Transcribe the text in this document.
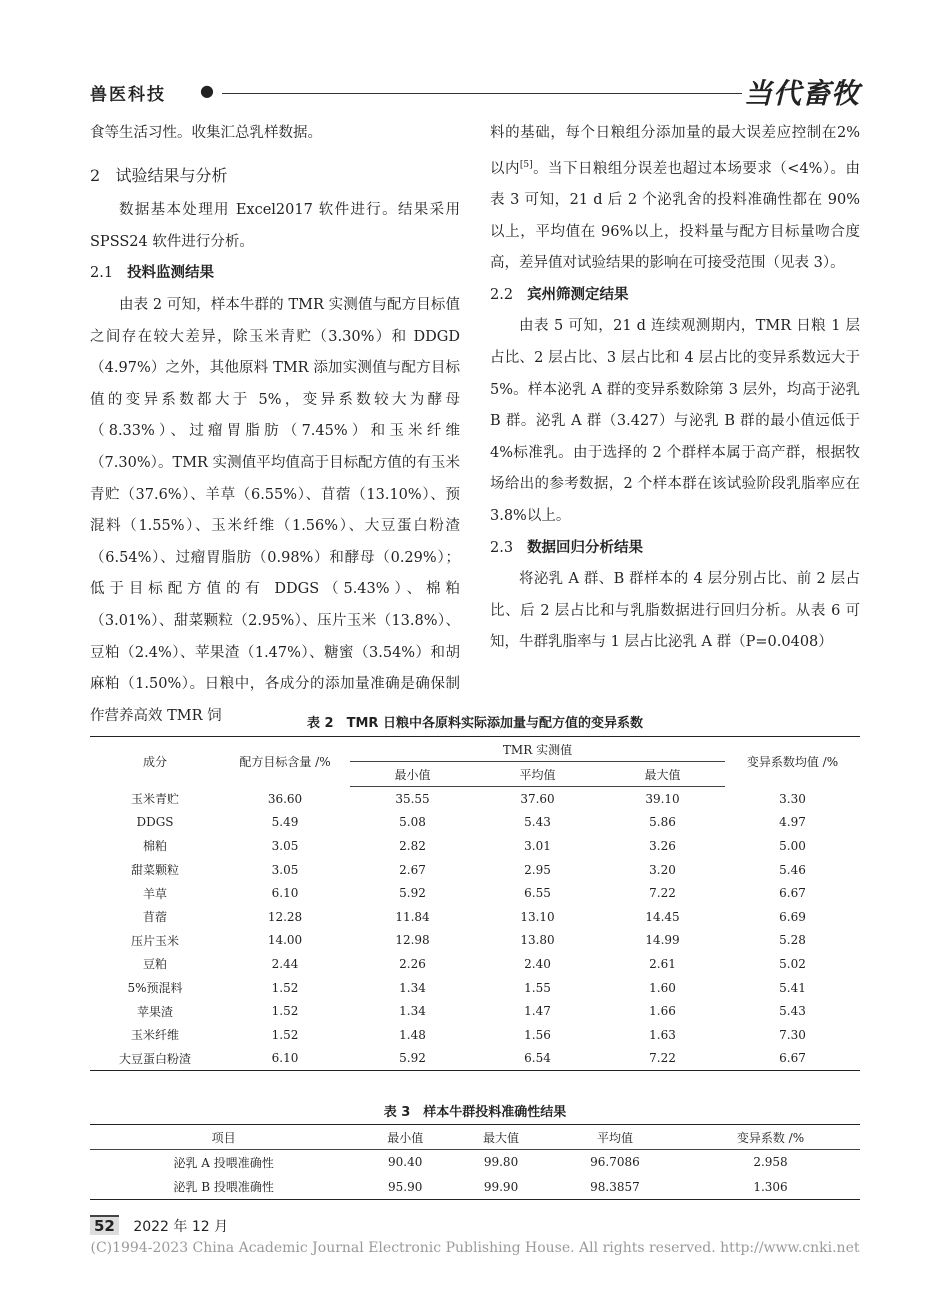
兽医科技 ●	当代畜牧

食等生活习性。收集汇总乳样数据。

2 试验结果与分析

数据基本处理用 Excel2017 软件进行。结果采用 SPSS24 软件进行分析。

2.1 投料监测结果

由表 2 可知，样本牛群的 TMR 实测值与配方目标值之间存在较大差异，除玉米青贮（3.30%）和 DDGD（4.97%）之外，其他原料 TMR 添加实测值与配方目标值的变异系数都大于 5%，变异系数较大为酵母（8.33%）、过瘤胃脂肪（7.45%）和玉米纤维（7.30%）。TMR 实测值平均值高于目标配方值的有玉米青贮（37.6%）、羊草（6.55%）、苜蓿（13.10%）、预混料（1.55%）、玉米纤维（1.56%）、大豆蛋白粉渣（6.54%）、过瘤胃脂肪（0.98%）和酵母（0.29%）；低于目标配方值的有 DDGS（5.43%）、棉粕（3.01%）、甜菜颗粒（2.95%）、压片玉米（13.8%）、豆粕（2.4%）、苹果渣（1.47%）、糖蜜（3.54%）和胡麻粕（1.50%）。日粮中，各成分的添加量准确是确保制作营养高效 TMR 饲

料的基础，每个日粮组分添加量的最大误差应控制在2%以内[5]。当下日粮组分误差也超过本场要求（<4%）。由表 3 可知，21 d 后 2 个泌乳舍的投料准确性都在 90%以上，平均值在 96%以上，投料量与配方目标量吻合度高，差异值对试验结果的影响在可接受范围（见表 3）。

2.2 宾州筛测定结果

由表 5 可知，21 d 连续观测期内，TMR 日粮 1 层占比、2 层占比、3 层占比和 4 层占比的变异系数远大于 5%。样本泌乳 A 群的变异系数除第 3 层外，均高于泌乳 B 群。泌乳 A 群（3.427）与泌乳 B 群的最小值远低于 4%标准乳。由于选择的 2 个群样本属于高产群，根据牧场给出的参考数据，2 个样本群在该试验阶段乳脂率应在 3.8%以上。

2.3 数据回归分析结果

将泌乳 A 群、B 群样本的 4 层分别占比、前 2 层占比、后 2 层占比和与乳脂数据进行回归分析。从表 6 可知，牛群乳脂率与 1 层占比泌乳 A 群（P=0.0408）

表 2　TMR 日粮中各原料实际添加量与配方值的变异系数
成分	配方目标含量 /%	TMR 实测值			变异系数均值 /%
		最小值	平均值	最大值	
玉米青贮	36.60	35.55	37.60	39.10	3.30
DDGS	5.49	5.08	5.43	5.86	4.97
棉粕	3.05	2.82	3.01	3.26	5.00
甜菜颗粒	3.05	2.67	2.95	3.20	5.46
羊草	6.10	5.92	6.55	7.22	6.67
苜蓿	12.28	11.84	13.10	14.45	6.69
压片玉米	14.00	12.98	13.80	14.99	5.28
豆粕	2.44	2.26	2.40	2.61	5.02
5%预混料	1.52	1.34	1.55	1.60	5.41
苹果渣	1.52	1.34	1.47	1.66	5.43
玉米纤维	1.52	1.48	1.56	1.63	7.30
大豆蛋白粉渣	6.10	5.92	6.54	7.22	6.67
表 3　样本牛群投料准确性结果
项目	最小值	最大值	平均值	变异系数 /%
泌乳 A 投喂准确性	90.40	99.80	96.7086	2.958
泌乳 B 投喂准确性	95.90	99.90	98.3857	1.306
52 2022 年 12 月
(C)1994-2023 China Academic Journal Electronic Publishing House. All rights reserved. http://www.cnki.net
